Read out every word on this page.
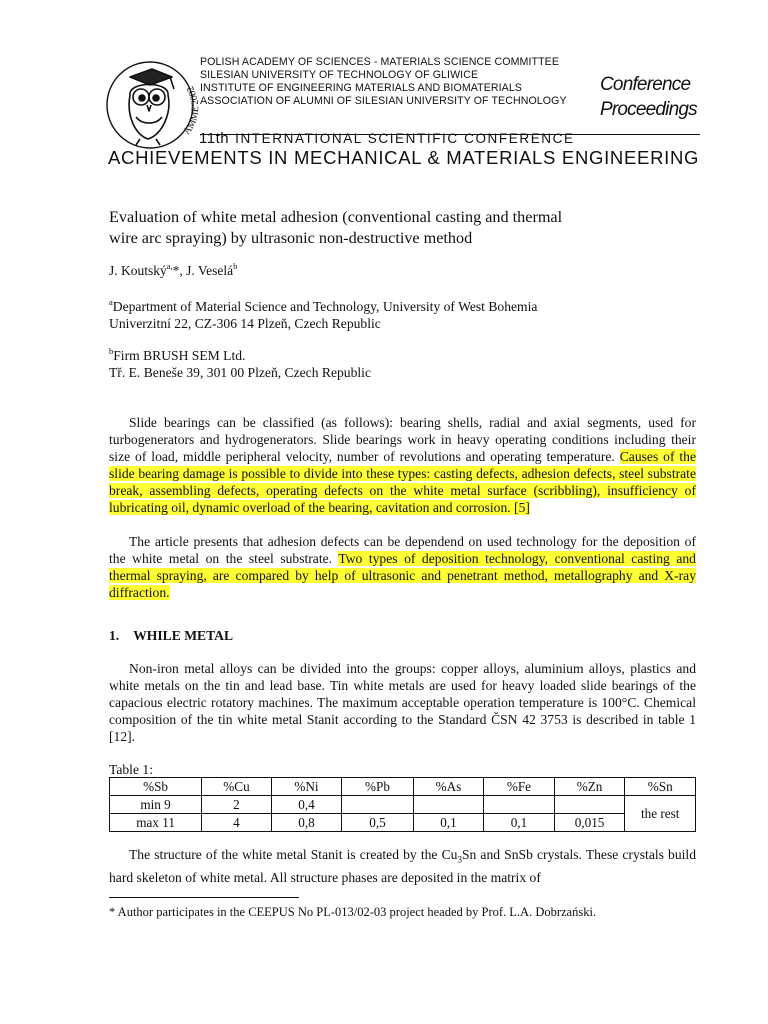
AMM 2002
POLISH ACADEMY OF SCIENCES - MATERIALS SCIENCE COMMITTEE
SILESIAN UNIVERSITY OF TECHNOLOGY OF GLIWICE
INSTITUTE OF ENGINEERING MATERIALS AND BIOMATERIALS
ASSOCIATION OF ALUMNI OF SILESIAN UNIVERSITY OF TECHNOLOGY
Conference
Proceedings
11th INTERNATIONAL SCIENTIFIC CONFERENCE
ACHIEVEMENTS IN MECHANICAL & MATERIALS ENGINEERING
Evaluation of white metal adhesion (conventional casting and thermal
wire arc spraying) by ultrasonic non-destructive method
J. Koutský$^{a,}$*, J. Veselá$^b$
$^a$Department of Material Science and Technology, University of West Bohemia
Univerzitní 22, CZ-306 14 Plzeň, Czech Republic
$^b$Firm BRUSH SEM Ltd.
Tř. E. Beneše 39, 301 00 Plzeň, Czech Republic

Slide bearings can be classified (as follows): bearing shells, radial and axial segments, used for turbogenerators and hydrogenerators. Slide bearings work in heavy operating conditions including their size of load, middle peripheral velocity, number of revolutions and operating temperature. Causes of the slide bearing damage is possible to divide into these types: casting defects, adhesion defects, steel substrate break, assembling defects, operating defects on the white metal surface (scribbling), insufficiency of lubricating oil, dynamic overload of the bearing, cavitation and corrosion. [5]

The article presents that adhesion defects can be dependend on used technology for the deposition of the white metal on the steel substrate. Two types of deposition technology, conventional casting and thermal spraying, are compared by help of ultrasonic and penetrant method, metallography and X-ray diffraction.

1. WHILE METAL

Non-iron metal alloys can be divided into the groups: copper alloys, aluminium alloys, plastics and white metals on the tin and lead base. Tin white metals are used for heavy loaded slide bearings of the capacious electric rotatory machines. The maximum acceptable operation temperature is 100°C. Chemical composition of the tin white metal Stanit according to the Standard ČSN 42 3753 is described in table 1 [12].

Table 1:
%Sb	%Cu	%Ni	%Pb	%As	%Fe	%Zn	%Sn
min 9	2	0,4					the rest
max 11	4	0,8	0,5	0,1	0,1	0,015	

The structure of the white metal Stanit is created by the $Cu_3Sn$ and SnSb crystals. These crystals build hard skeleton of white metal. All structure phases are deposited in the matrix of

* Author participates in the CEEPUS No PL-013/02-03 project headed by Prof. L.A. Dobrzański.
